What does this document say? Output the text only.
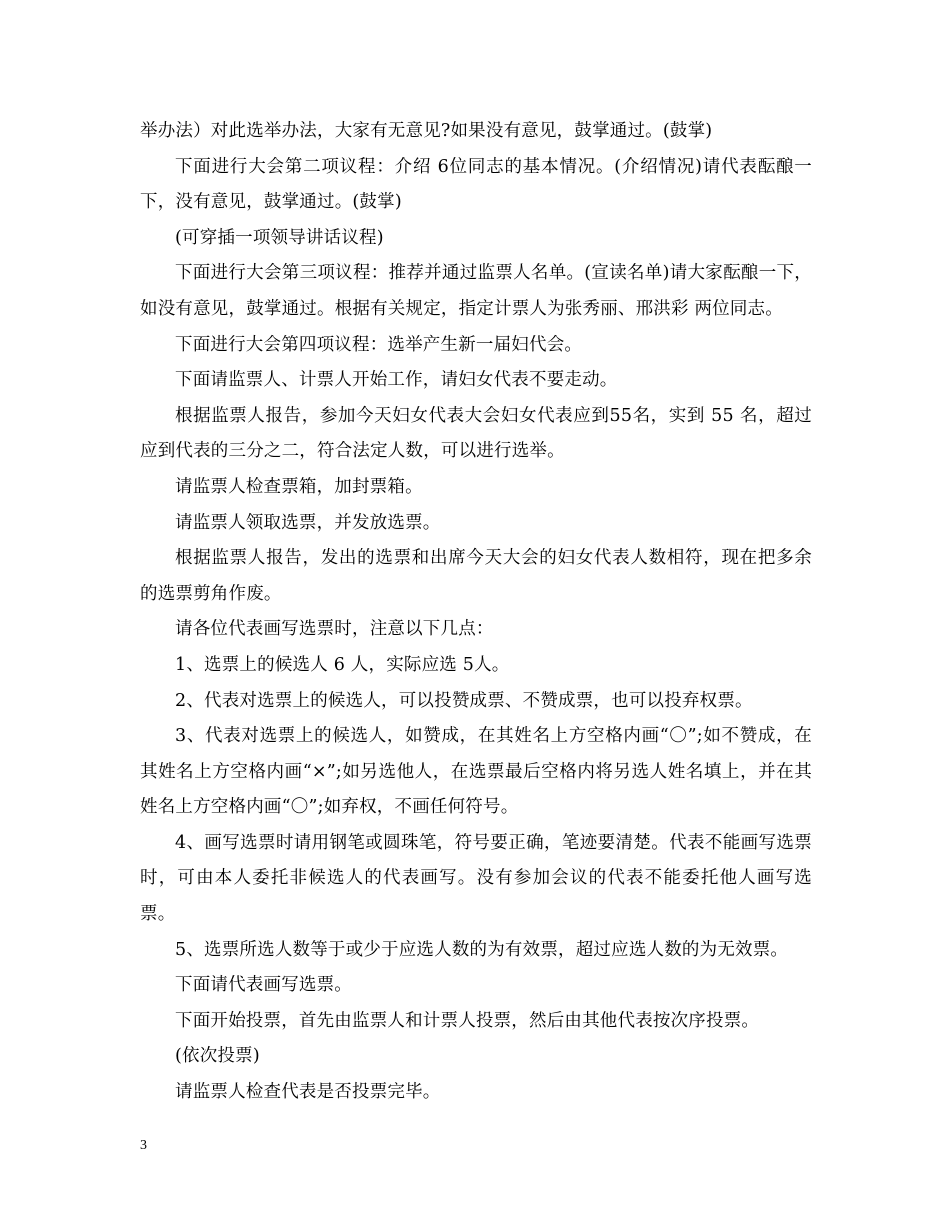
举办法）对此选举办法，大家有无意见?如果没有意见，鼓掌通过。(鼓掌)

下面进行大会第二项议程：介绍 6位同志的基本情况。(介绍情况)请代表酝酿一下，没有意见，鼓掌通过。(鼓掌)

(可穿插一项领导讲话议程)

下面进行大会第三项议程：推荐并通过监票人名单。(宣读名单)请大家酝酿一下，如没有意见，鼓掌通过。根据有关规定，指定计票人为张秀丽、邢洪彩 两位同志。

下面进行大会第四项议程：选举产生新一届妇代会。

下面请监票人、计票人开始工作，请妇女代表不要走动。

根据监票人报告，参加今天妇女代表大会妇女代表应到55名，实到 55 名，超过应到代表的三分之二，符合法定人数，可以进行选举。

请监票人检查票箱，加封票箱。

请监票人领取选票，并发放选票。

根据监票人报告，发出的选票和出席今天大会的妇女代表人数相符，现在把多余的选票剪角作废。

请各位代表画写选票时，注意以下几点：

1、选票上的候选人 6 人，实际应选 5人。

2、代表对选票上的候选人，可以投赞成票、不赞成票，也可以投弃权票。

3、代表对选票上的候选人，如赞成，在其姓名上方空格内画“〇”;如不赞成，在其姓名上方空格内画“×”;如另选他人，在选票最后空格内将另选人姓名填上，并在其姓名上方空格内画“〇”;如弃权，不画任何符号。

4、画写选票时请用钢笔或圆珠笔，符号要正确，笔迹要清楚。代表不能画写选票时，可由本人委托非候选人的代表画写。没有参加会议的代表不能委托他人画写选票。

5、选票所选人数等于或少于应选人数的为有效票，超过应选人数的为无效票。

下面请代表画写选票。

下面开始投票，首先由监票人和计票人投票，然后由其他代表按次序投票。

(依次投票)

请监票人检查代表是否投票完毕。

3
